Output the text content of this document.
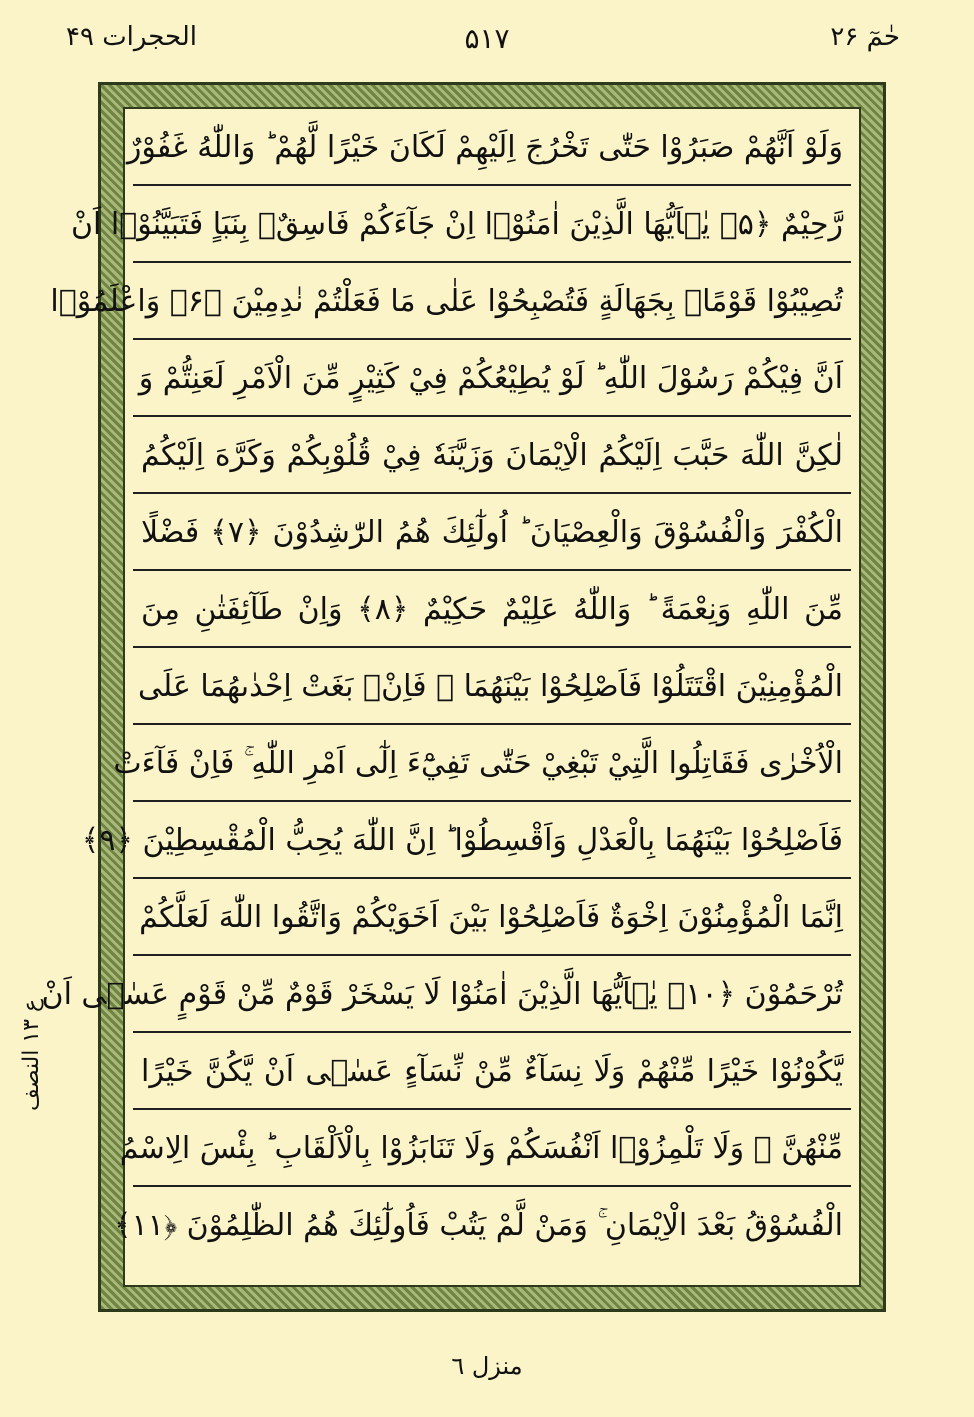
حٰمٓ ۲۶
۵۱۷
الحجرات ۴۹
وَلَوْ اَنَّهُمْ صَبَرُوْا حَتّٰى تَخْرُجَ اِلَيْهِمْ لَكَانَ خَيْرًا لَّهُمْ ؕ وَاللّٰهُ غَفُوْرٌ
رَّحِيْمٌ ﴿۵﴾ يٰۤاَيُّهَا الَّذِيْنَ اٰمَنُوْۤا اِنْ جَآءَكُمْ فَاسِقٌۢ بِنَبَاٍ فَتَبَيَّنُوْۤا اَنْ
تُصِيْبُوْا قَوْمًاۢ بِجَهَالَةٍ فَتُصْبِحُوْا عَلٰى مَا فَعَلْتُمْ نٰدِمِيْنَ ﴿۶﴾ وَاعْلَمُوْۤا
اَنَّ فِيْكُمْ رَسُوْلَ اللّٰهِ ؕ لَوْ يُطِيْعُكُمْ فِيْ كَثِيْرٍ مِّنَ الْاَمْرِ لَعَنِتُّمْ وَ
لٰكِنَّ اللّٰهَ حَبَّبَ اِلَيْكُمُ الْاِيْمَانَ وَزَيَّنَهٗ فِيْ قُلُوْبِكُمْ وَكَرَّهَ اِلَيْكُمُ
الْكُفْرَ وَالْفُسُوْقَ وَالْعِصْيَانَ ؕ اُولٰٓئِكَ هُمُ الرّٰشِدُوْنَ ﴿۷﴾ فَضْلًا
مِّنَ اللّٰهِ وَنِعْمَةً ؕ وَاللّٰهُ عَلِيْمٌ حَكِيْمٌ ﴿۸﴾ وَاِنْ طَآئِفَتٰنِ مِنَ
الْمُؤْمِنِيْنَ اقْتَتَلُوْا فَاَصْلِحُوْا بَيْنَهُمَا ۚ فَاِنْۢ بَغَتْ اِحْدٰىهُمَا عَلَى
الْاُخْرٰى فَقَاتِلُوا الَّتِيْ تَبْغِيْ حَتّٰى تَفِيْٓءَ اِلٰٓى اَمْرِ اللّٰهِ ۚ فَاِنْ فَآءَتْ
فَاَصْلِحُوْا بَيْنَهُمَا بِالْعَدْلِ وَاَقْسِطُوْا ؕ اِنَّ اللّٰهَ يُحِبُّ الْمُقْسِطِيْنَ ﴿۹﴾
اِنَّمَا الْمُؤْمِنُوْنَ اِخْوَةٌ فَاَصْلِحُوْا بَيْنَ اَخَوَيْكُمْ وَاتَّقُوا اللّٰهَ لَعَلَّكُمْ
تُرْحَمُوْنَ ﴿۱۰﴾ يٰۤاَيُّهَا الَّذِيْنَ اٰمَنُوْا لَا يَسْخَرْ قَوْمٌ مِّنْ قَوْمٍ عَسٰۤى اَنْ
يَّكُوْنُوْا خَيْرًا مِّنْهُمْ وَلَا نِسَآءٌ مِّنْ نِّسَآءٍ عَسٰۤى اَنْ يَّكُنَّ خَيْرًا
مِّنْهُنَّ ۚ وَلَا تَلْمِزُوْۤا اَنْفُسَكُمْ وَلَا تَنَابَزُوْا بِالْاَلْقَابِ ؕ بِئْسَ الِاسْمُ
الْفُسُوْقُ بَعْدَ الْاِيْمَانِ ۚ وَمَنْ لَّمْ يَتُبْ فَاُولٰٓئِكَ هُمُ الظّٰلِمُوْنَ ﴿۱۱﴾
ع ۱۳ النصف
منزل ٦
